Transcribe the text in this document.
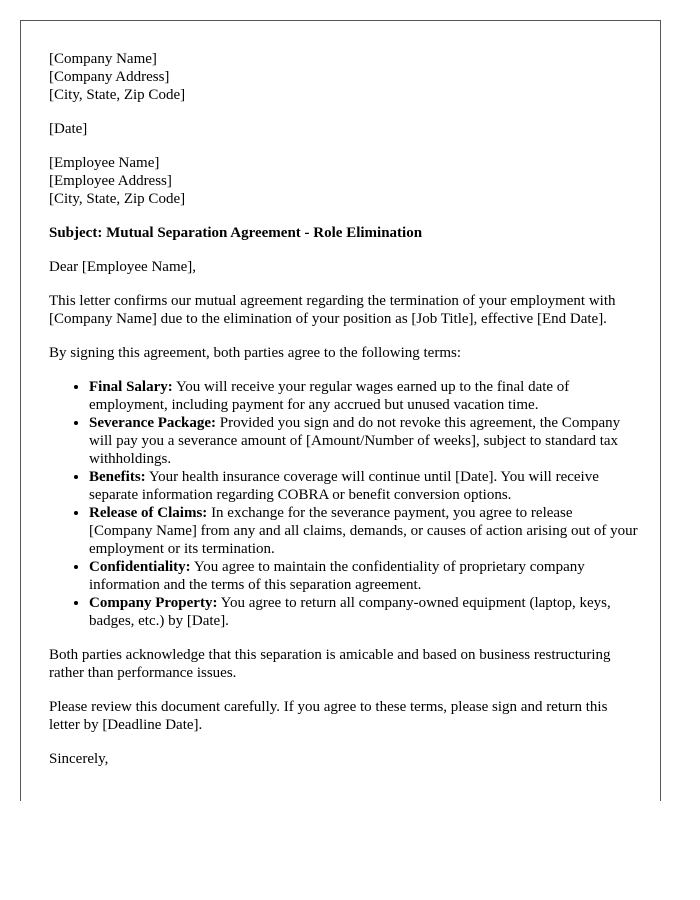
[Company Name]
[Company Address]
[City, State, Zip Code]
[Date]
[Employee Name]
[Employee Address]
[City, State, Zip Code]
Subject: Mutual Separation Agreement - Role Elimination

Dear [Employee Name],

This letter confirms our mutual agreement regarding the termination of your employment with [Company Name] due to the elimination of your position as [Job Title], effective [End Date].

By signing this agreement, both parties agree to the following terms:

• Final Salary: You will receive your regular wages earned up to the final date of employment, including payment for any accrued but unused vacation time.
• Severance Package: Provided you sign and do not revoke this agreement, the Company will pay you a severance amount of [Amount/Number of weeks], subject to standard tax withholdings.
• Benefits: Your health insurance coverage will continue until [Date]. You will receive separate information regarding COBRA or benefit conversion options.
• Release of Claims: In exchange for the severance payment, you agree to release [Company Name] from any and all claims, demands, or causes of action arising out of your employment or its termination.
• Confidentiality: You agree to maintain the confidentiality of proprietary company information and the terms of this separation agreement.
• Company Property: You agree to return all company-owned equipment (laptop, keys, badges, etc.) by [Date].

Both parties acknowledge that this separation is amicable and based on business restructuring rather than performance issues.

Please review this document carefully. If you agree to these terms, please sign and return this letter by [Deadline Date].

Sincerely,
